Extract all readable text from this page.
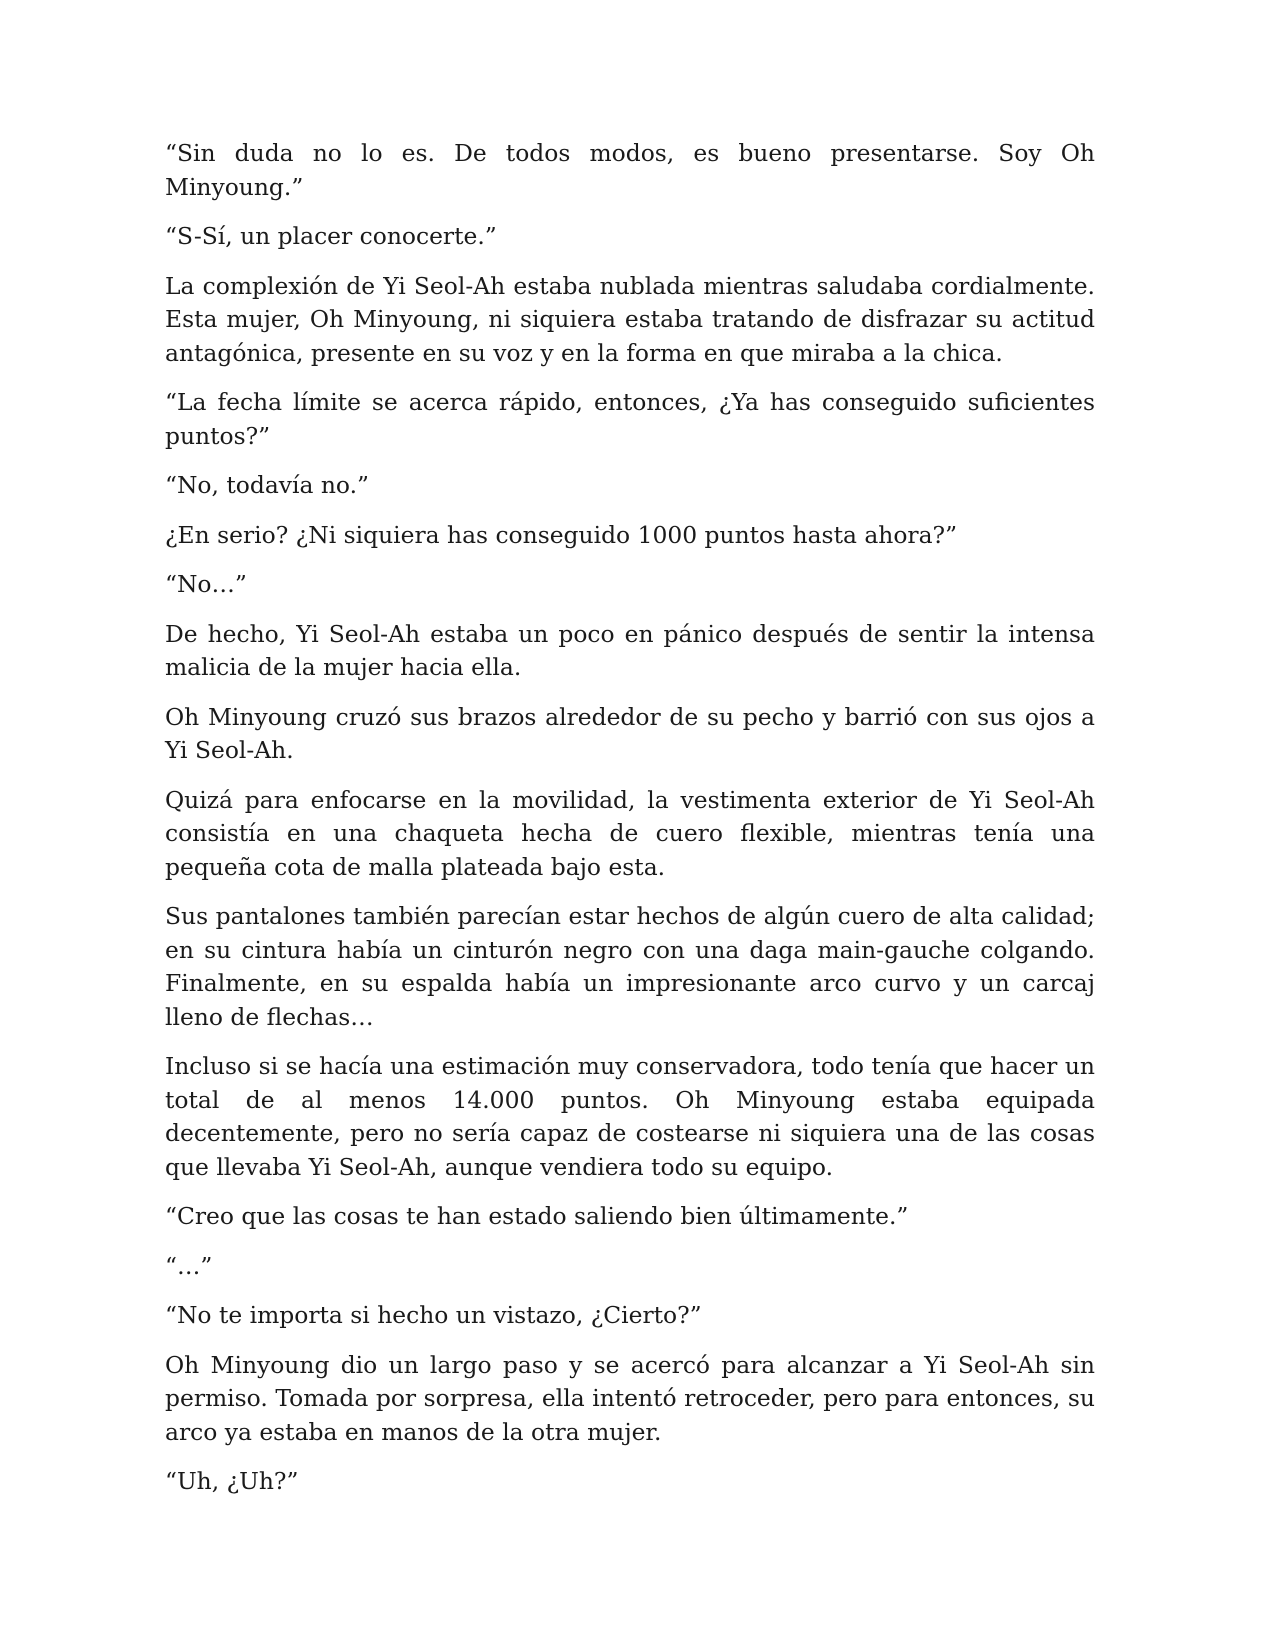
“Sin duda no lo es. De todos modos, es bueno presentarse. Soy Oh Minyoung.”

“S-Sí, un placer conocerte.”

La complexión de Yi Seol-Ah estaba nublada mientras saludaba cordialmente. Esta mujer, Oh Minyoung, ni siquiera estaba tratando de disfrazar su actitud antagónica, presente en su voz y en la forma en que miraba a la chica.

“La fecha límite se acerca rápido, entonces, ¿Ya has conseguido suficientes puntos?”

“No, todavía no.”

¿En serio? ¿Ni siquiera has conseguido 1000 puntos hasta ahora?”

“No…”

De hecho, Yi Seol-Ah estaba un poco en pánico después de sentir la intensa malicia de la mujer hacia ella.

Oh Minyoung cruzó sus brazos alrededor de su pecho y barrió con sus ojos a Yi Seol-Ah.

Quizá para enfocarse en la movilidad, la vestimenta exterior de Yi Seol-Ah consistía en una chaqueta hecha de cuero flexible, mientras tenía una pequeña cota de malla plateada bajo esta.

Sus pantalones también parecían estar hechos de algún cuero de alta calidad; en su cintura había un cinturón negro con una daga main-gauche colgando. Finalmente, en su espalda había un impresionante arco curvo y un carcaj lleno de flechas…

Incluso si se hacía una estimación muy conservadora, todo tenía que hacer un total de al menos 14.000 puntos. Oh Minyoung estaba equipada decentemente, pero no sería capaz de costearse ni siquiera una de las cosas que llevaba Yi Seol-Ah, aunque vendiera todo su equipo.

“Creo que las cosas te han estado saliendo bien últimamente.”

“…”

“No te importa si hecho un vistazo, ¿Cierto?”

Oh Minyoung dio un largo paso y se acercó para alcanzar a Yi Seol-Ah sin permiso. Tomada por sorpresa, ella intentó retroceder, pero para entonces, su arco ya estaba en manos de la otra mujer.

“Uh, ¿Uh?”
